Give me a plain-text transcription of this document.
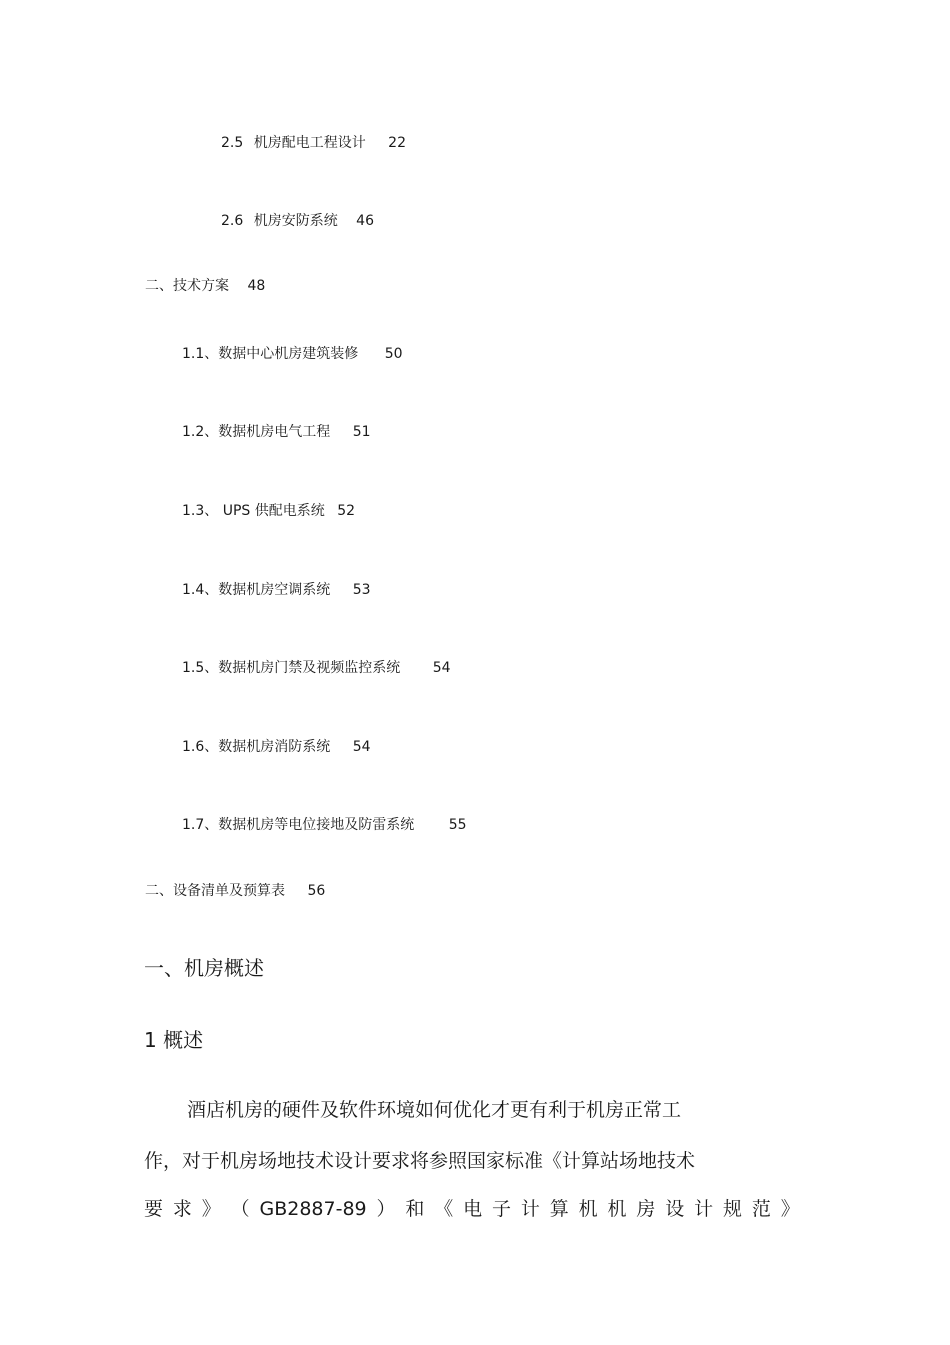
2.5 机房配电工程设计 22
2.6 机房安防系统 46
二、技术方案 48
1.1、数据中心机房建筑装修 50
1.2、数据机房电气工程 51
1.3、 UPS 供配电系统 52
1.4、数据机房空调系统 53
1.5、数据机房门禁及视频监控系统 54
1.6、数据机房消防系统 54
1.7、数据机房等电位接地及防雷系统 55
二、设备清单及预算表 56
一、机房概述
1 概述
酒店机房的硬件及软件环境如何优化才更有利于机房正常工
作，对于机房场地技术设计要求将参照国家标准《计算站场地技术
要 求 》 （ GB2887-89 ） 和 《 电 子 计 算 机 机 房 设 计 规 范 》
